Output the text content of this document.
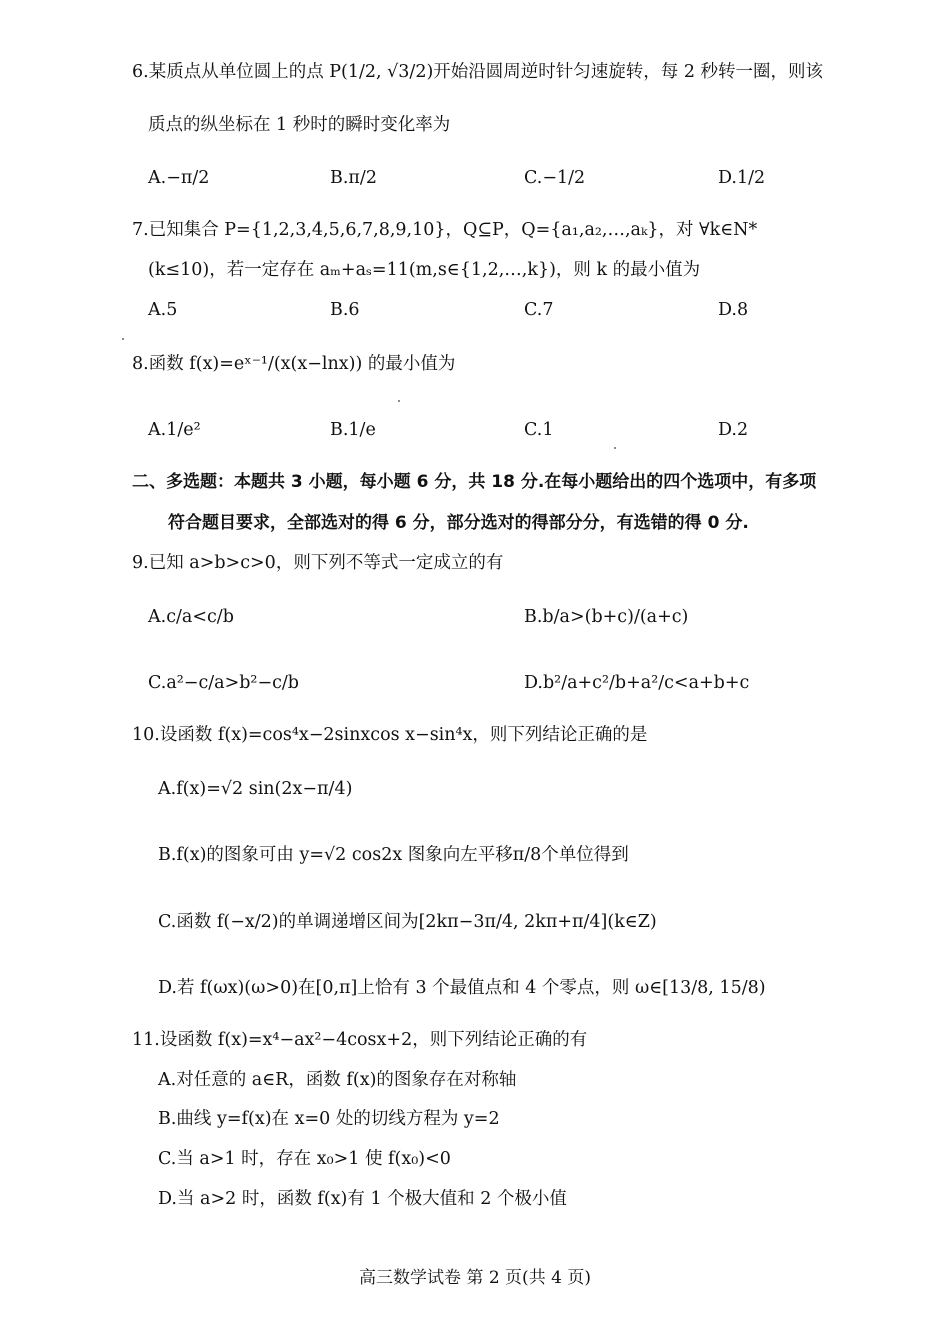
6.某质点从单位圆上的点 P(1/2, √3/2)开始沿圆周逆时针匀速旋转，每 2 秒转一圈，则该
质点的纵坐标在 1 秒时的瞬时变化率为
A.−π/2	B.π/2	C.−1/2	D.1/2
7.已知集合 P={1,2,3,4,5,6,7,8,9,10}，Q⊆P，Q={a₁,a₂,…,aₖ}，对 ∀k∈N*
(k≤10)，若一定存在 aₘ+aₛ=11(m,s∈{1,2,…,k})，则 k 的最小值为
A.5	B.6	C.7	D.8
8.函数 f(x)=eˣ⁻¹/(x(x−lnx)) 的最小值为
A.1/e²	B.1/e	C.1	D.2
二、多选题：本题共 3 小题，每小题 6 分，共 18 分.在每小题给出的四个选项中，有多项
符合题目要求，全部选对的得 6 分，部分选对的得部分分，有选错的得 0 分.
9.已知 a>b>c>0，则下列不等式一定成立的有
A.c/a<c/b	B.b/a>(b+c)/(a+c)
C.a²−c/a>b²−c/b	D.b²/a+c²/b+a²/c<a+b+c
10.设函数 f(x)=cos⁴x−2sinxcos x−sin⁴x，则下列结论正确的是
A.f(x)=√2 sin(2x−π/4)
B.f(x)的图象可由 y=√2 cos2x 图象向左平移π/8个单位得到
C.函数 f(−x/2)的单调递增区间为[2kπ−3π/4, 2kπ+π/4](k∈Z)
D.若 f(ωx)(ω>0)在[0,π]上恰有 3 个最值点和 4 个零点，则 ω∈[13/8, 15/8)
11.设函数 f(x)=x⁴−ax²−4cosx+2，则下列结论正确的有
A.对任意的 a∈R，函数 f(x)的图象存在对称轴
B.曲线 y=f(x)在 x=0 处的切线方程为 y=2
C.当 a>1 时，存在 x₀>1 使 f(x₀)<0
D.当 a>2 时，函数 f(x)有 1 个极大值和 2 个极小值
高三数学试卷 第 2 页(共 4 页)
